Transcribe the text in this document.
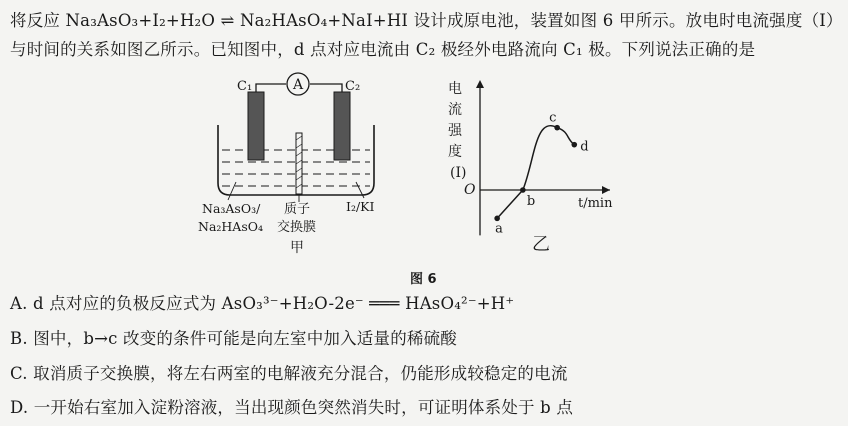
将反应 Na₃AsO₃+I₂+H₂O ⇌ Na₂HAsO₄+NaI+HI 设计成原电池，装置如图 6 甲所示。放电时电流强度（I）
与时间的关系如图乙所示。已知图中，d 点对应电流由 C₂ 极经外电路流向 C₁ 极。下列说法正确的是
A
C₁	C₂
Na₃AsO₃/
Na₂HAsO₄
质子
交换膜
I₂/KI
甲
电
流
强
度
(I)
O
t/min
a
b
c
d
乙
图 6
A. d 点对应的负极反应式为 AsO₃³⁻+H₂O-2e⁻ ═══ HAsO₄²⁻+H⁺
B. 图中，b→c 改变的条件可能是向左室中加入适量的稀硫酸
C. 取消质子交换膜，将左右两室的电解液充分混合，仍能形成较稳定的电流
D. 一开始右室加入淀粉溶液，当出现颜色突然消失时，可证明体系处于 b 点
